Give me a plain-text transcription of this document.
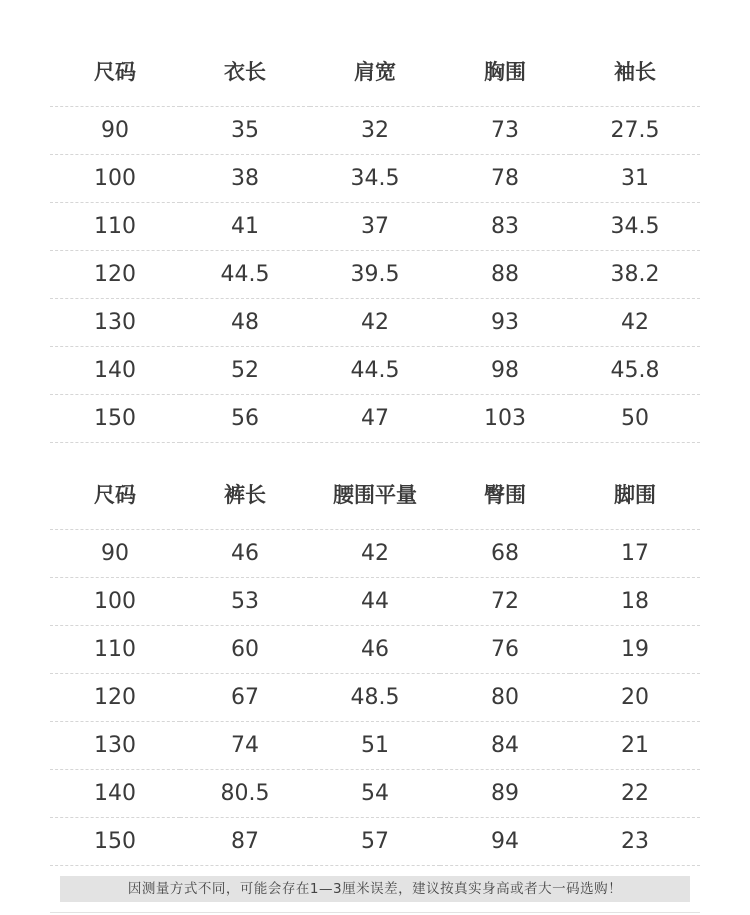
尺码	衣长	肩宽	胸围	袖长
90	35	32	73	27.5
100	38	34.5	78	31
110	41	37	83	34.5
120	44.5	39.5	88	38.2
130	48	42	93	42
140	52	44.5	98	45.8
150	56	47	103	50
尺码	裤长	腰围平量	臀围	脚围
90	46	42	68	17
100	53	44	72	18
110	60	46	76	19
120	67	48.5	80	20
130	74	51	84	21
140	80.5	54	89	22
150	87	57	94	23
因测量方式不同，可能会存在1—3厘米误差，建议按真实身高或者大一码选购！
